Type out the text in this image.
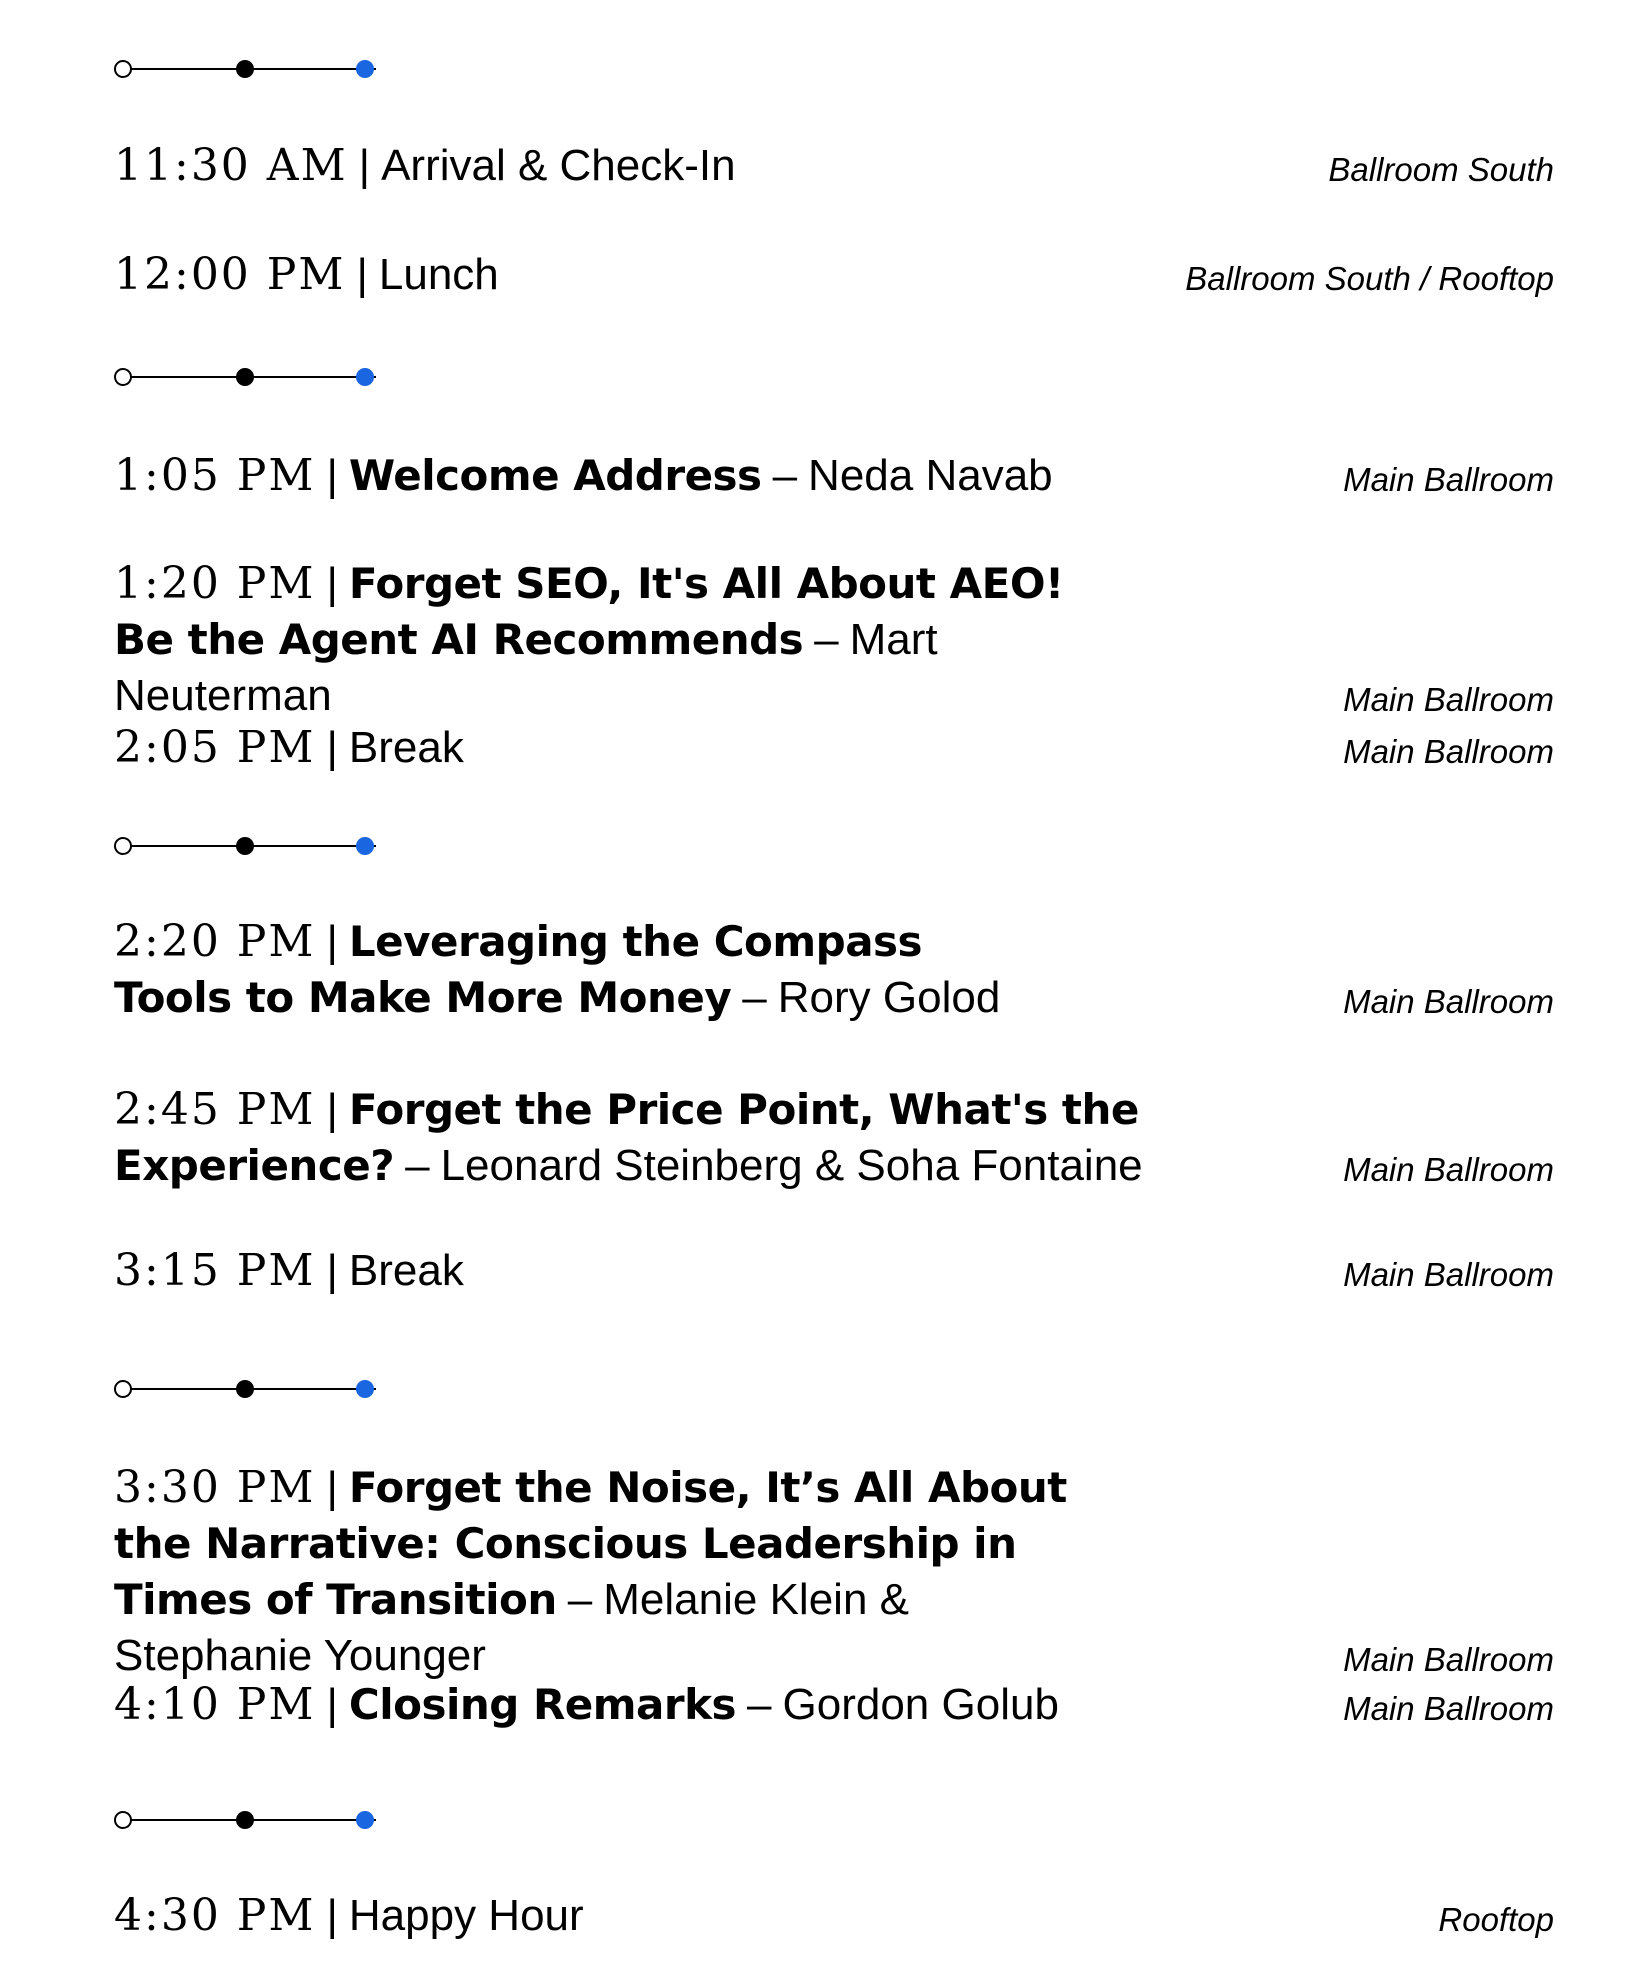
11:30 AM | Arrival & Check-In	Ballroom South
12:00 PM | Lunch	Ballroom South / Rooftop
1:05 PM | Welcome Address – Neda Navab	Main Ballroom
1:20 PM | Forget SEO, It's All About AEO! Be the Agent AI Recommends – Mart Neuterman	Main Ballroom
2:05 PM | Break	Main Ballroom
2:20 PM | Leveraging the Compass Tools to Make More Money – Rory Golod	Main Ballroom
2:45 PM | Forget the Price Point, What's the Experience? – Leonard Steinberg & Soha Fontaine	Main Ballroom
3:15 PM | Break	Main Ballroom
3:30 PM | Forget the Noise, It’s All About the Narrative: Conscious Leadership in Times of Transition – Melanie Klein & Stephanie Younger	Main Ballroom
4:10 PM | Closing Remarks – Gordon Golub	Main Ballroom
4:30 PM | Happy Hour	Rooftop
